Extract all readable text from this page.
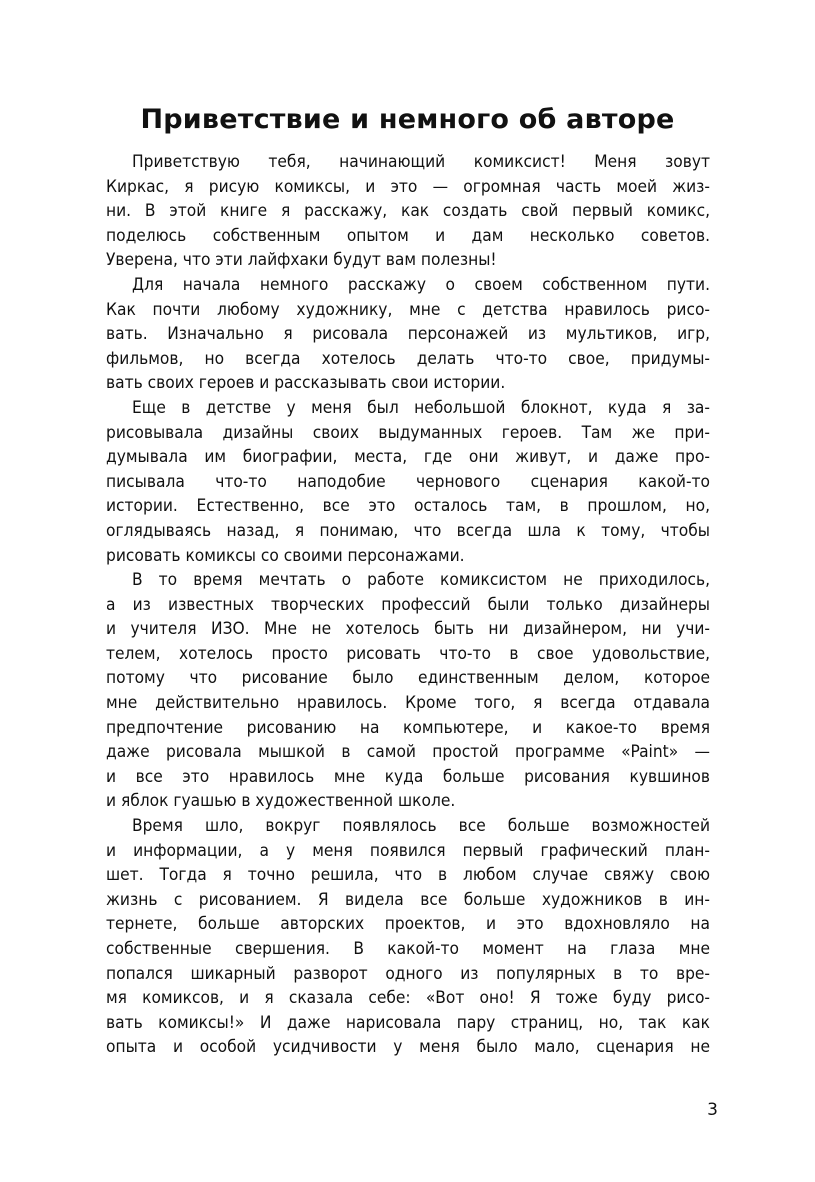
Приветствие и немного об авторе

Приветствую тебя, начинающий комиксист! Меня зовут
Киркас, я рисую комиксы, и это — огромная часть моей жиз-
ни. В этой книге я расскажу, как создать свой первый комикс,
поделюсь собственным опытом и дам несколько советов.
Уверена, что эти лайфхаки будут вам полезны!

Для начала немного расскажу о своем собственном пути.
Как почти любому художнику, мне с детства нравилось рисо-
вать. Изначально я рисовала персонажей из мультиков, игр,
фильмов, но всегда хотелось делать что-то свое, придумы-
вать своих героев и рассказывать свои истории.

Еще в детстве у меня был небольшой блокнот, куда я за-
рисовывала дизайны своих выдуманных героев. Там же при-
думывала им биографии, места, где они живут, и даже про-
писывала что-то наподобие чернового сценария какой-то
истории. Естественно, все это осталось там, в прошлом, но,
оглядываясь назад, я понимаю, что всегда шла к тому, чтобы
рисовать комиксы со своими персонажами.

В то время мечтать о работе комиксистом не приходилось,
а из известных творческих профессий были только дизайнеры
и учителя ИЗО. Мне не хотелось быть ни дизайнером, ни учи-
телем, хотелось просто рисовать что-то в свое удовольствие,
потому что рисование было единственным делом, которое
мне действительно нравилось. Кроме того, я всегда отдавала
предпочтение рисованию на компьютере, и какое-то время
даже рисовала мышкой в самой простой программе «Paint» —
и все это нравилось мне куда больше рисования кувшинов
и яблок гуашью в художественной школе.

Время шло, вокруг появлялось все больше возможностей
и информации, а у меня появился первый графический план-
шет. Тогда я точно решила, что в любом случае свяжу свою
жизнь с рисованием. Я видела все больше художников в ин-
тернете, больше авторских проектов, и это вдохновляло на
собственные свершения. В какой-то момент на глаза мне
попался шикарный разворот одного из популярных в то вре-
мя комиксов, и я сказала себе: «Вот оно! Я тоже буду рисо-
вать комиксы!» И даже нарисовала пару страниц, но, так как
опыта и особой усидчивости у меня было мало, сценария не

3
